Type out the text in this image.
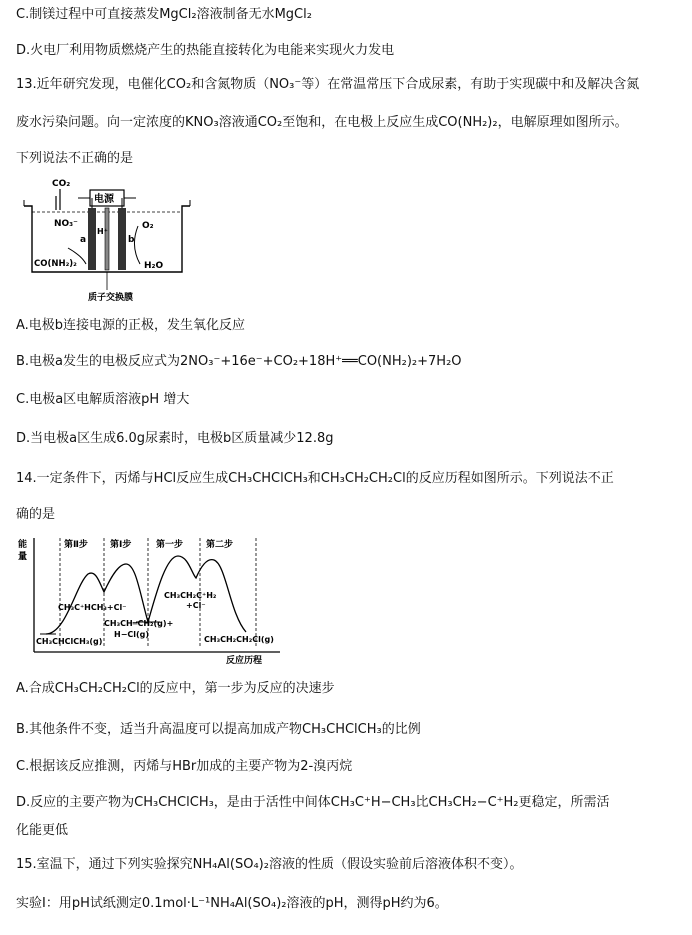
C.制镁过程中可直接蒸发MgCl₂溶液制备无水MgCl₂
D.火电厂利用物质燃烧产生的热能直接转化为电能来实现火力发电
13.近年研究发现，电催化CO₂和含氮物质（NO₃⁻等）在常温常压下合成尿素，有助于实现碳中和及解决含氮
废水污染问题。向一定浓度的KNO₃溶液通CO₂至饱和，在电极上反应生成CO(NH₂)₂，电解原理如图所示。
下列说法不正确的是
CO₂
电源
a
H⁺
b
NO₃⁻
CO(NH₂)₂
O₂
H₂O
质子交换膜
A.电极b连接电源的正极，发生氧化反应
B.电极a发生的电极反应式为2NO₃⁻+16e⁻+CO₂+18H⁺══CO(NH₂)₂+7H₂O
C.电极a区电解质溶液pH 增大
D.当电极a区生成6.0g尿素时，电极b区质量减少12.8g
14.一定条件下，丙烯与HCl反应生成CH₃CHClCH₃和CH₃CH₂CH₂Cl的反应历程如图所示。下列说法不正
确的是
能
量
反应历程
第Ⅱ步 第Ⅰ步	第一步	第二步
CH₃C⁺HCH₃+Cl⁻
CH₃CH₂C⁺H₂
+Cl⁻
CH₃CH═CH₂(g)+
H−Cl(g)
CH₃CHClCH₃(g)	CH₃CH₂CH₂Cl(g)
A.合成CH₃CH₂CH₂Cl的反应中，第一步为反应的决速步
B.其他条件不变，适当升高温度可以提高加成产物CH₃CHClCH₃的比例
C.根据该反应推测，丙烯与HBr加成的主要产物为2-溴丙烷
D.反应的主要产物为CH₃CHClCH₃，是由于活性中间体CH₃C⁺H−CH₃比CH₃CH₂−C⁺H₂更稳定，所需活
化能更低
15.室温下，通过下列实验探究NH₄Al(SO₄)₂溶液的性质（假设实验前后溶液体积不变）。
实验Ⅰ：用pH试纸测定0.1mol·L⁻¹NH₄Al(SO₄)₂溶液的pH，测得pH约为6。
